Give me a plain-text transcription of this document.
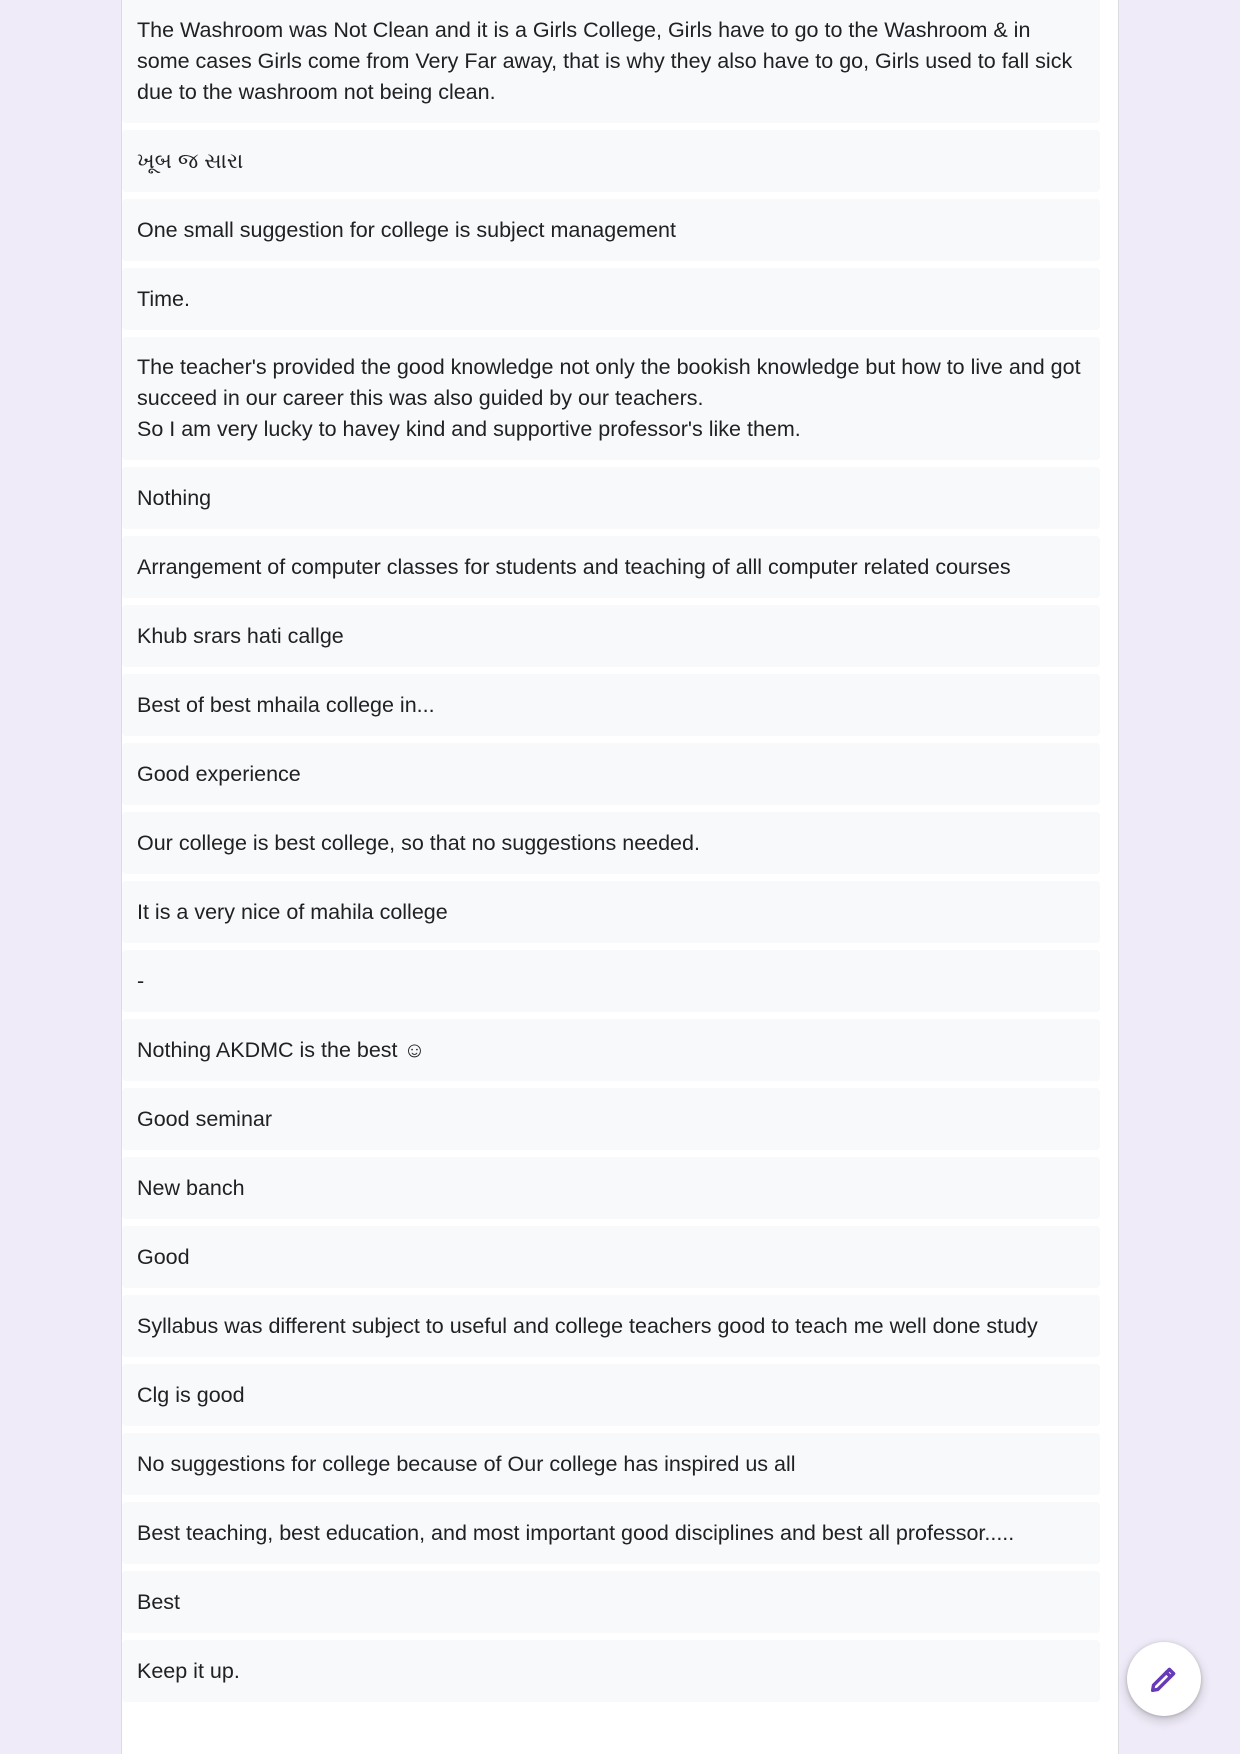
The Washroom was Not Clean and it is a Girls College, Girls have to go to the Washroom & in some cases Girls come from Very Far away, that is why they also have to go, Girls used to fall sick due to the washroom not being clean.
ખૂબ જ સારા
One small suggestion for college is subject management
Time.
The teacher's provided the good knowledge not only the bookish knowledge but how to live and got succeed in our career this was also guided by our teachers.
So I am very lucky to havey kind and supportive professor's like them.
Nothing
Arrangement of computer classes for students and teaching of alll computer related courses
Khub srars hati callge
Best of best mhaila college in...
Good experience
Our college is best college, so that no suggestions needed.
It is a very nice of mahila college
-
Nothing AKDMC is the best ☺
Good seminar
New banch
Good
Syllabus was different subject to useful and college teachers good to teach me well done study
Clg is good
No suggestions for college because of Our college has inspired us all
Best teaching, best education, and most important good disciplines and best all professor.....
Best
Keep it up.
